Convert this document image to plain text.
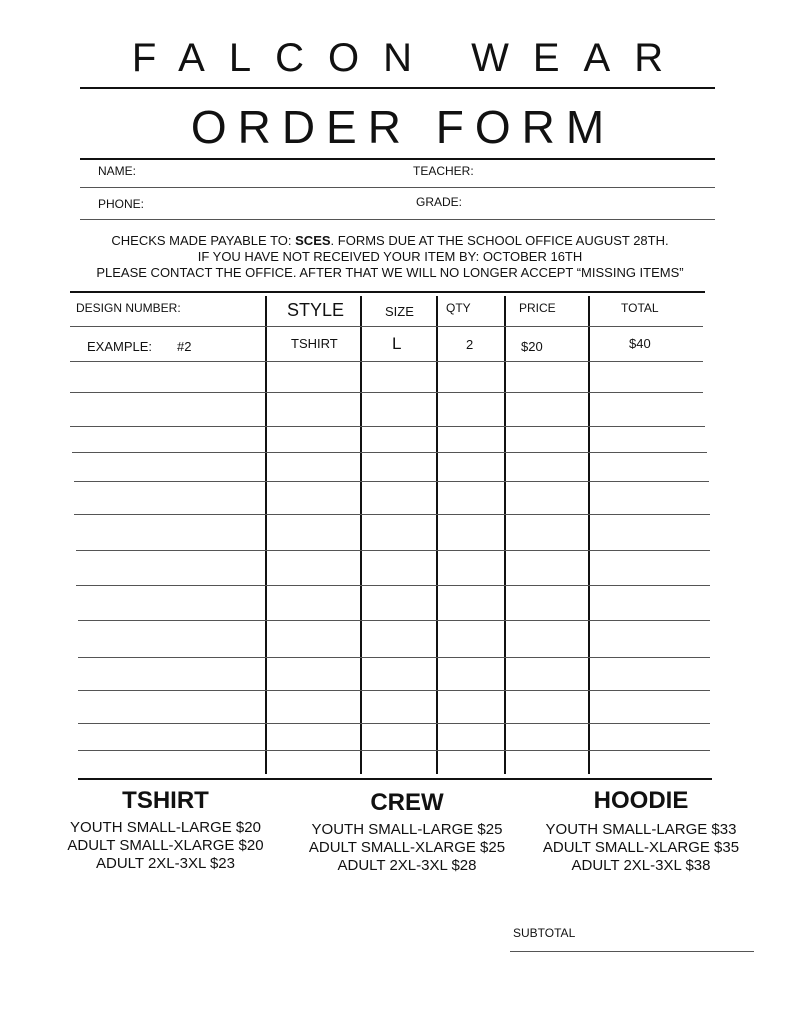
FALCON WEAR
ORDER FORM
NAME:	TEACHER:
PHONE:	GRADE:
CHECKS MADE PAYABLE TO: SCES. FORMS DUE AT THE SCHOOL OFFICE AUGUST 28TH.
IF YOU HAVE NOT RECEIVED YOUR ITEM BY: OCTOBER 16TH
PLEASE CONTACT THE OFFICE. AFTER THAT WE WILL NO LONGER ACCEPT “MISSING ITEMS”
DESIGN NUMBER:	STYLE	SIZE	QTY	PRICE	TOTAL
EXAMPLE: #2	TSHIRT	L	2	$20	$40
TSHIRT
YOUTH SMALL-LARGE $20
ADULT SMALL-XLARGE $20
ADULT 2XL-3XL $23
CREW
YOUTH SMALL-LARGE $25
ADULT SMALL-XLARGE $25
ADULT 2XL-3XL $28
HOODIE
YOUTH SMALL-LARGE $33
ADULT SMALL-XLARGE $35
ADULT 2XL-3XL $38
SUBTOTAL
